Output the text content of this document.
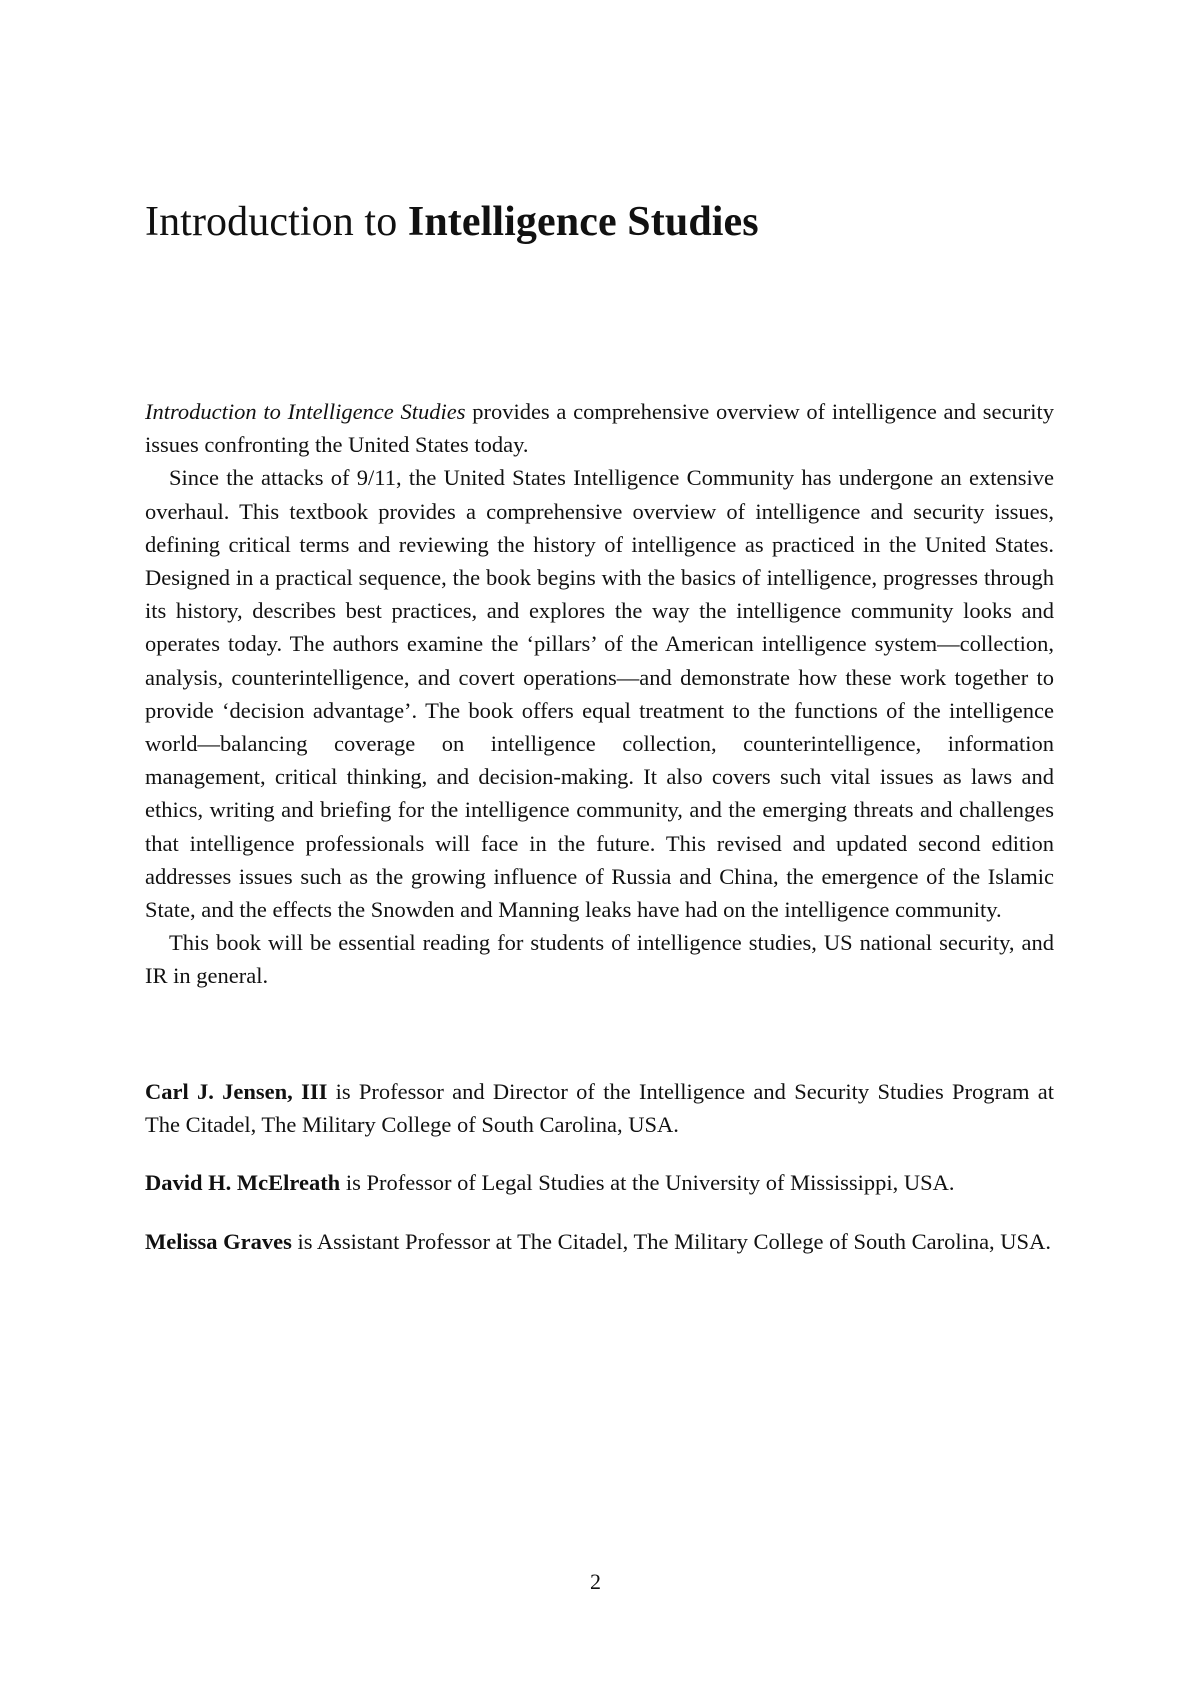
Introduction to Intelligence Studies

Introduction to Intelligence Studies provides a comprehensive overview of intelligence and security issues confronting the United States today.

Since the attacks of 9/11, the United States Intelligence Community has undergone an extensive overhaul. This textbook provides a comprehensive overview of intelligence and security issues, defining critical terms and reviewing the history of intelligence as practiced in the United States. Designed in a practical sequence, the book begins with the basics of intelligence, progresses through its history, describes best practices, and explores the way the intelligence community looks and operates today. The authors examine the ‘pillars’ of the American intelligence system—collection, analysis, counterintelligence, and covert operations—and demonstrate how these work together to provide ‘decision advantage’. The book offers equal treatment to the functions of the intelligence world—balancing coverage on intelligence collection, counterintelligence, information management, critical thinking, and decision-making. It also covers such vital issues as laws and ethics, writing and briefing for the intelligence community, and the emerging threats and challenges that intelligence professionals will face in the future. This revised and updated second edition addresses issues such as the growing influence of Russia and China, the emergence of the Islamic State, and the effects the Snowden and Manning leaks have had on the intelligence community.

This book will be essential reading for students of intelligence studies, US national security, and IR in general.

Carl J. Jensen, III is Professor and Director of the Intelligence and Security Studies Program at The Citadel, The Military College of South Carolina, USA.

David H. McElreath is Professor of Legal Studies at the University of Mississippi, USA.

Melissa Graves is Assistant Professor at The Citadel, The Military College of South Carolina, USA.

2
